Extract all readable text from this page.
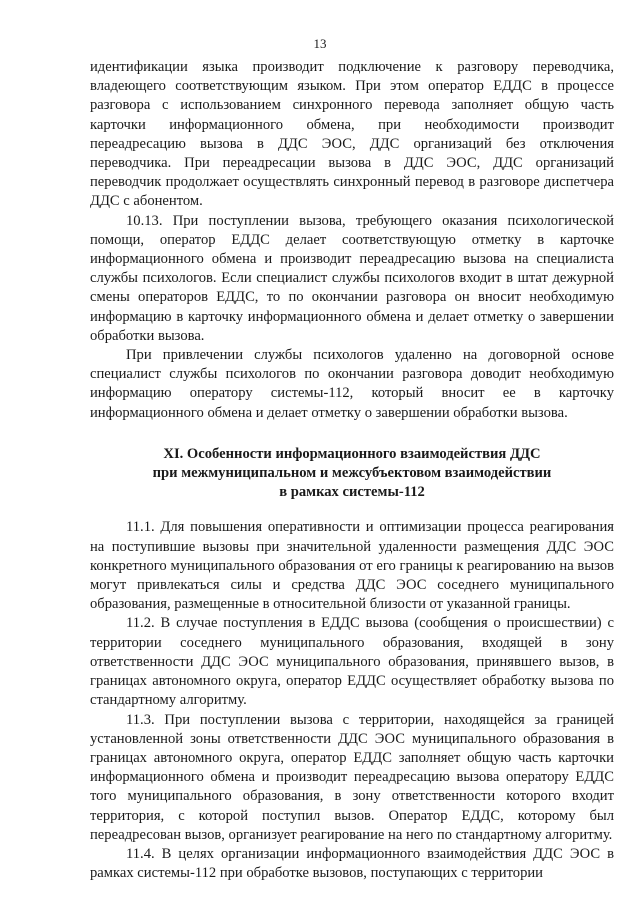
13

идентификации языка производит подключение к разговору переводчика, владеющего соответствующим языком. При этом оператор ЕДДС в процессе разговора с использованием синхронного перевода заполняет общую часть карточки информационного обмена, при необходимости производит переадресацию вызова в ДДС ЭОС, ДДС организаций без отключения переводчика. При переадресации вызова в ДДС ЭОС, ДДС организаций переводчик продолжает осуществлять синхронный перевод в разговоре диспетчера ДДС с абонентом.

10.13. При поступлении вызова, требующего оказания психологической помощи, оператор ЕДДС делает соответствующую отметку в карточке информационного обмена и производит переадресацию вызова на специалиста службы психологов. Если специалист службы психологов входит в штат дежурной смены операторов ЕДДС, то по окончании разговора он вносит необходимую информацию в карточку информационного обмена и делает отметку о завершении обработки вызова.

При привлечении службы психологов удаленно на договорной основе специалист службы психологов по окончании разговора доводит необходимую информацию оператору системы-112, который вносит ее в карточку информационного обмена и делает отметку о завершении обработки вызова.

XI. Особенности информационного взаимодействия ДДС
при межмуниципальном и межсубъектовом взаимодействии
в рамках системы-112

11.1. Для повышения оперативности и оптимизации процесса реагирования на поступившие вызовы при значительной удаленности размещения ДДС ЭОС конкретного муниципального образования от его границы к реагированию на вызов могут привлекаться силы и средства ДДС ЭОС соседнего муниципального образования, размещенные в относительной близости от указанной границы.

11.2. В случае поступления в ЕДДС вызова (сообщения о происшествии) с территории соседнего муниципального образования, входящей в зону ответственности ДДС ЭОС муниципального образования, принявшего вызов, в границах автономного округа, оператор ЕДДС осуществляет обработку вызова по стандартному алгоритму.

11.3. При поступлении вызова с территории, находящейся за границей установленной зоны ответственности ДДС ЭОС муниципального образования в границах автономного округа, оператор ЕДДС заполняет общую часть карточки информационного обмена и производит переадресацию вызова оператору ЕДДС того муниципального образования, в зону ответственности которого входит территория, с которой поступил вызов. Оператор ЕДДС, которому был переадресован вызов, организует реагирование на него по стандартному алгоритму.

11.4. В целях организации информационного взаимодействия ДДС ЭОС в рамках системы-112 при обработке вызовов, поступающих с территории
